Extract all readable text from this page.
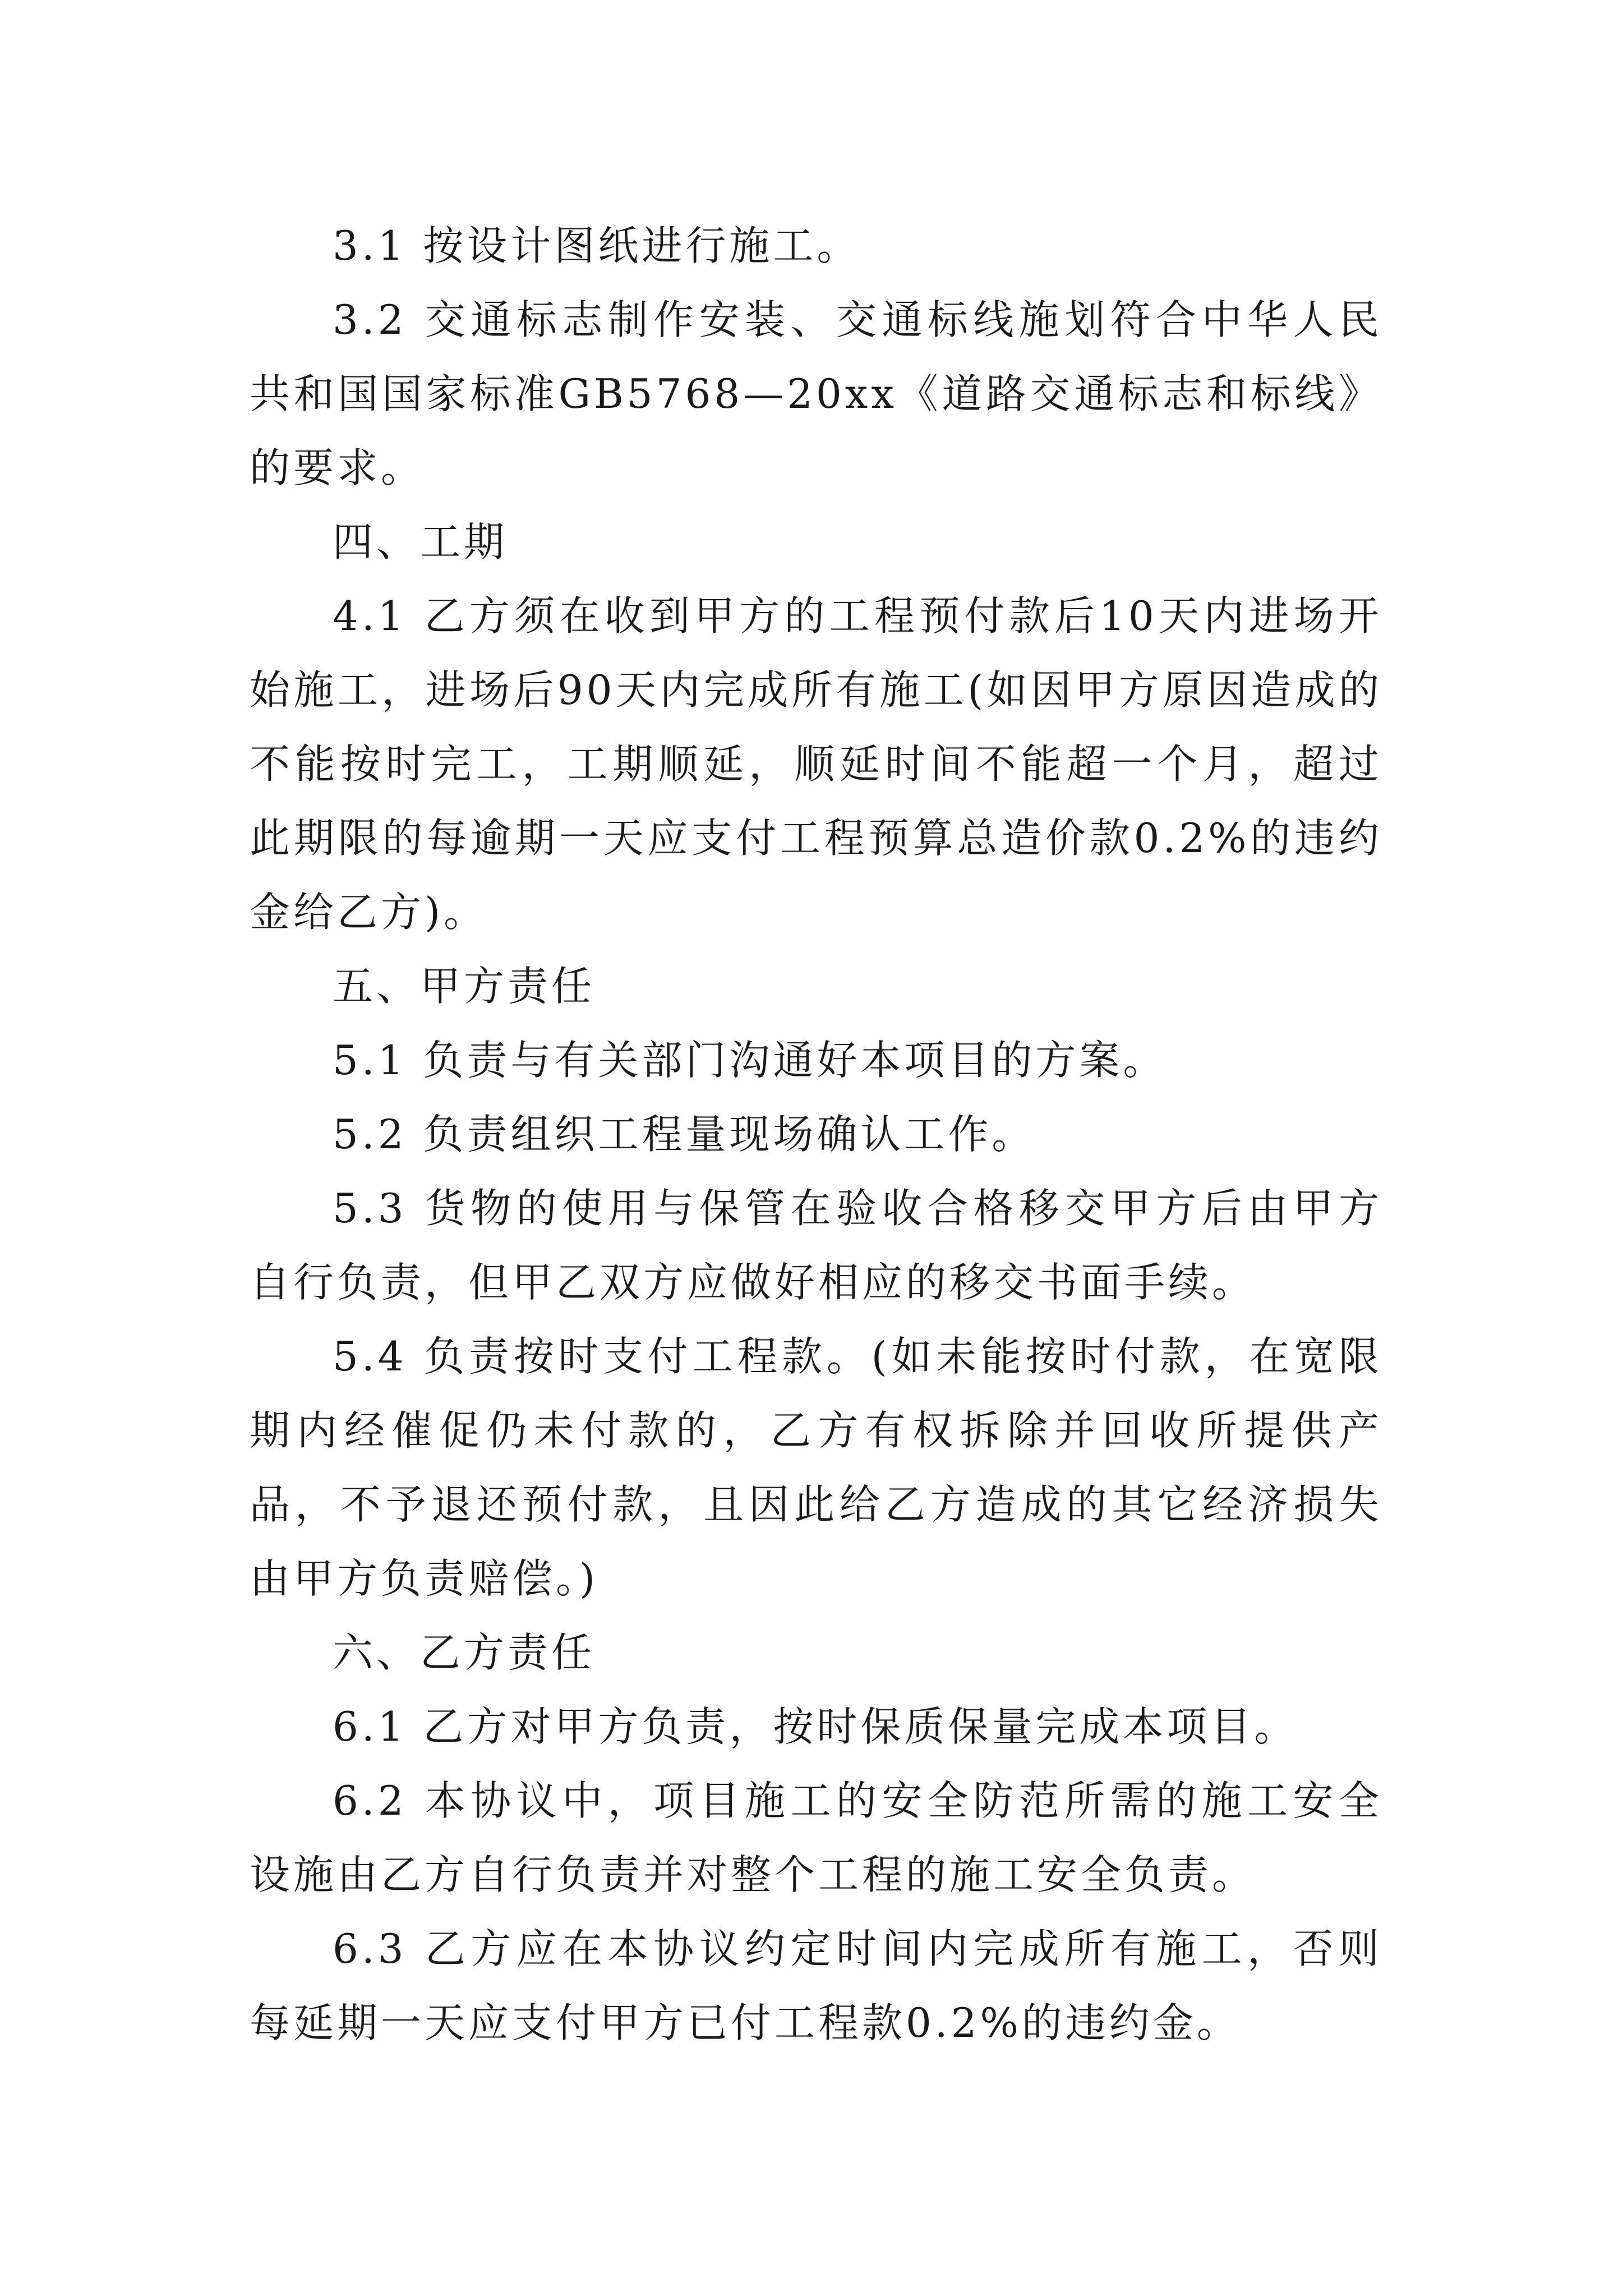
3.1 按设计图纸进行施工。

3.2 交通标志制作安装、交通标线施划符合中华人民共和国国家标准GB5768—20xx《道路交通标志和标线》的要求。

四、工期

4.1 乙方须在收到甲方的工程预付款后10天内进场开始施工，进场后90天内完成所有施工(如因甲方原因造成的不能按时完工，工期顺延，顺延时间不能超一个月，超过此期限的每逾期一天应支付工程预算总造价款0.2%的违约金给乙方)。

五、甲方责任

5.1 负责与有关部门沟通好本项目的方案。

5.2 负责组织工程量现场确认工作。

5.3 货物的使用与保管在验收合格移交甲方后由甲方自行负责，但甲乙双方应做好相应的移交书面手续。

5.4 负责按时支付工程款。(如未能按时付款，在宽限期内经催促仍未付款的，乙方有权拆除并回收所提供产品，不予退还预付款，且因此给乙方造成的其它经济损失由甲方负责赔偿。)

六、乙方责任

6.1 乙方对甲方负责，按时保质保量完成本项目。

6.2 本协议中，项目施工的安全防范所需的施工安全设施由乙方自行负责并对整个工程的施工安全负责。

6.3 乙方应在本协议约定时间内完成所有施工，否则每延期一天应支付甲方已付工程款0.2%的违约金。
